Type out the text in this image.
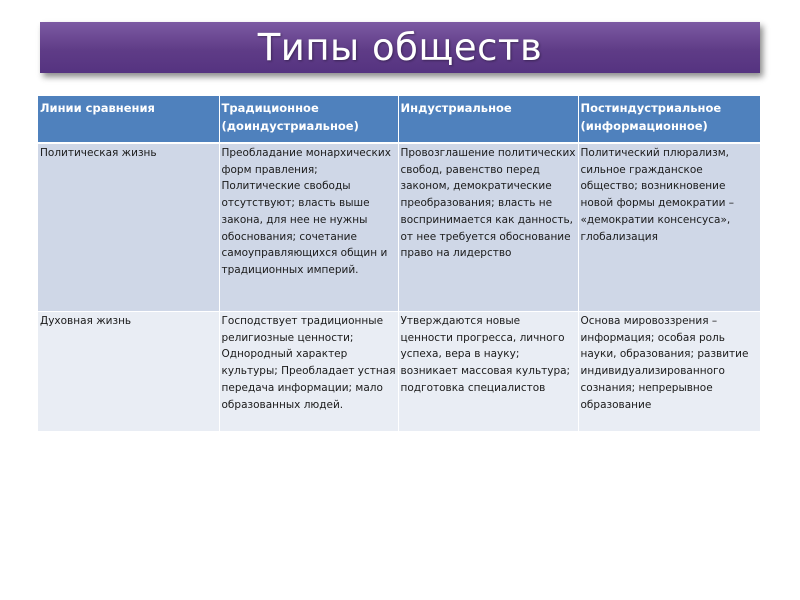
Типы обществ
Линии сравнения	Традиционное (доиндустриальное)	Индустриальное	Постиндустриальное (информационное)
Политическая жизнь	Преобладание монархических форм правления; Политические свободы отсутствуют; власть выше закона, для нее не нужны обоснования; сочетание самоуправляющихся общин и традиционных империй.	Провозглашение политических свобод, равенство перед законом, демократические преобразования; власть не воспринимается как данность, от нее требуется обоснование право на лидерство	Политический плюрализм, сильное гражданское общество; возникновение новой формы демократии – «демократии консенсуса», глобализация
Духовная жизнь	Господствует традиционные религиозные ценности; Однородный характер культуры; Преобладает устная передача информации; мало образованных людей.	Утверждаются новые ценности прогресса, личного успеха, вера в науку; возникает массовая культура; подготовка специалистов	Основа мировоззрения – информация; особая роль науки, образования; развитие индивидуализированного сознания; непрерывное образование
